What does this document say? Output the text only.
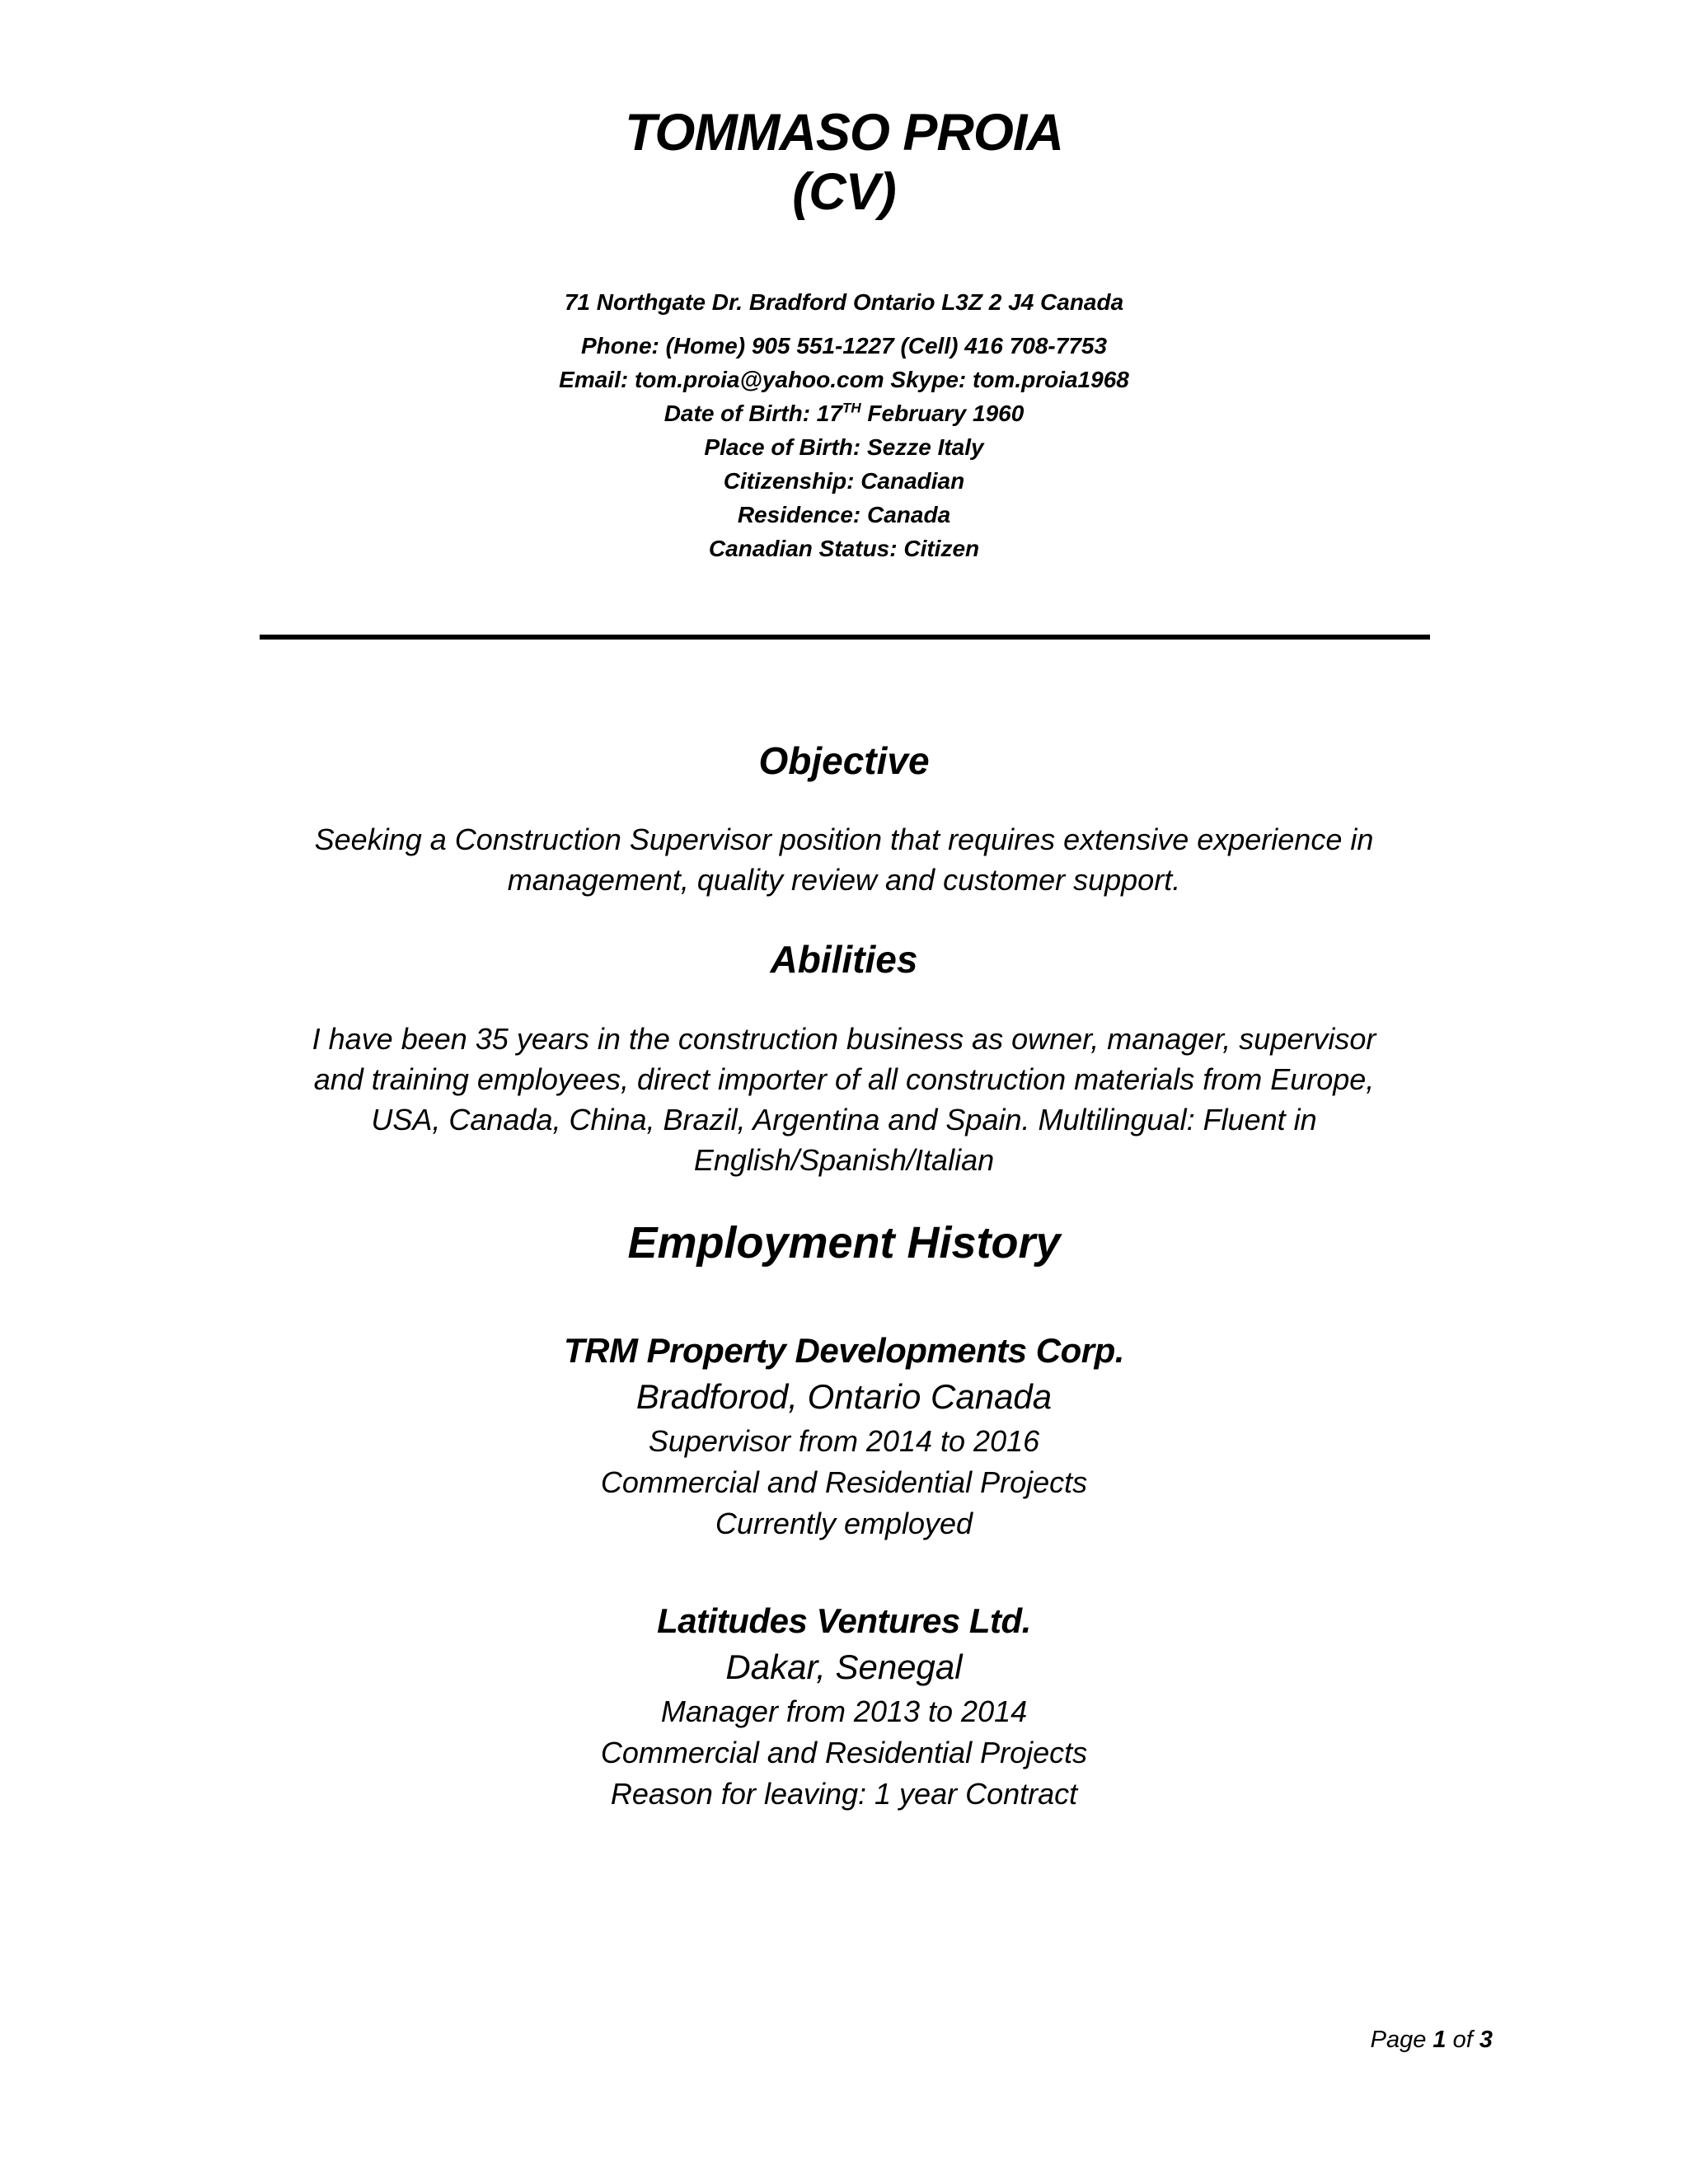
TOMMASO PROIA
(CV)
71 Northgate Dr. Bradford Ontario L3Z 2 J4 Canada
Phone: (Home) 905 551-1227 (Cell) 416 708-7753
Email: tom.proia@yahoo.com Skype: tom.proia1968
Date of Birth: 17TH February 1960
Place of Birth: Sezze Italy
Citizenship: Canadian
Residence: Canada
Canadian Status: Citizen
Objective
Seeking a Construction Supervisor position that requires extensive experience in
management, quality review and customer support.
Abilities
I have been 35 years in the construction business as owner, manager, supervisor
and training employees, direct importer of all construction materials from Europe,
USA, Canada, China, Brazil, Argentina and Spain. Multilingual: Fluent in
English/Spanish/Italian
Employment History
TRM Property Developments Corp.
Bradforod, Ontario Canada
Supervisor from 2014 to 2016
Commercial and Residential Projects
Currently employed
Latitudes Ventures Ltd.
Dakar, Senegal
Manager from 2013 to 2014
Commercial and Residential Projects
Reason for leaving: 1 year Contract
Page 1 of 3
